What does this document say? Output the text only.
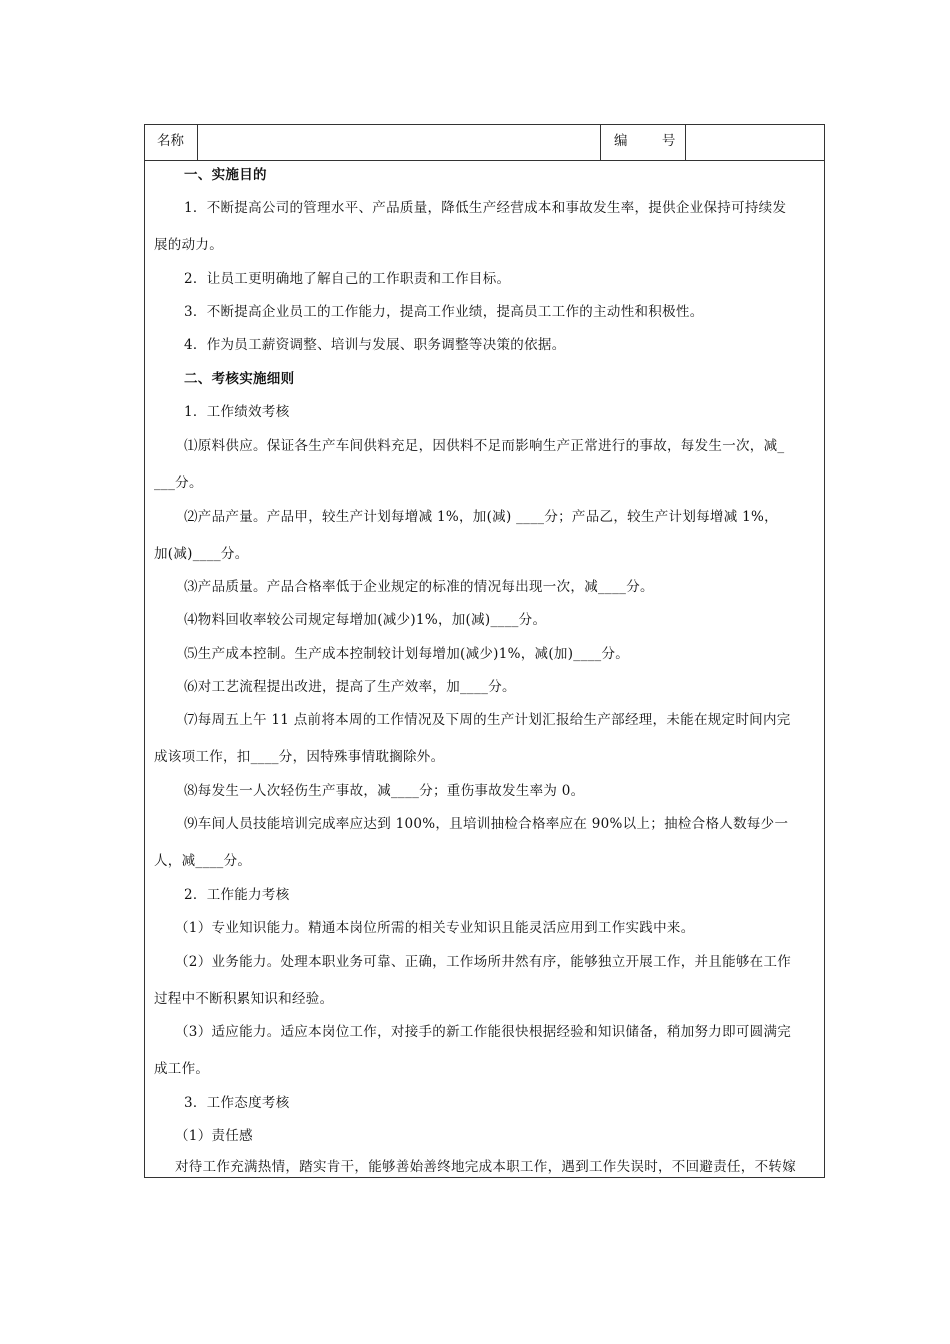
名称	编        号
一、实施目的
1．不断提高公司的管理水平、产品质量，降低生产经营成本和事故发生率，提供企业保持可持续发
展的动力。
2．让员工更明确地了解自己的工作职责和工作目标。
3．不断提高企业员工的工作能力，提高工作业绩，提高员工工作的主动性和积极性。
4．作为员工薪资调整、培训与发展、职务调整等决策的依据。
二、考核实施细则
1．工作绩效考核
⑴原料供应。保证各生产车间供料充足，因供料不足而影响生产正常进行的事故，每发生一次，减_
___分。
⑵产品产量。产品甲，较生产计划每增减 1%，加(减) ____分；产品乙，较生产计划每增减 1%，
加(减)____分。
⑶产品质量。产品合格率低于企业规定的标准的情况每出现一次，减____分。
⑷物料回收率较公司规定每增加(减少)1%，加(减)____分。
⑸生产成本控制。生产成本控制较计划每增加(减少)1%，减(加)____分。
⑹对工艺流程提出改进，提高了生产效率，加____分。
⑺每周五上午 11 点前将本周的工作情况及下周的生产计划汇报给生产部经理，未能在规定时间内完
成该项工作，扣____分，因特殊事情耽搁除外。
⑻每发生一人次轻伤生产事故，减____分；重伤事故发生率为 0。
⑼车间人员技能培训完成率应达到 100%，且培训抽检合格率应在 90%以上；抽检合格人数每少一
人，减____分。
2．工作能力考核
（1）专业知识能力。精通本岗位所需的相关专业知识且能灵活应用到工作实践中来。
（2）业务能力。处理本职业务可靠、正确，工作场所井然有序，能够独立开展工作，并且能够在工作
过程中不断积累知识和经验。
（3）适应能力。适应本岗位工作，对接手的新工作能很快根据经验和知识储备，稍加努力即可圆满完
成工作。
3．工作态度考核
（1）责任感
对待工作充满热情，踏实肯干，能够善始善终地完成本职工作，遇到工作失误时，不回避责任，不转嫁
